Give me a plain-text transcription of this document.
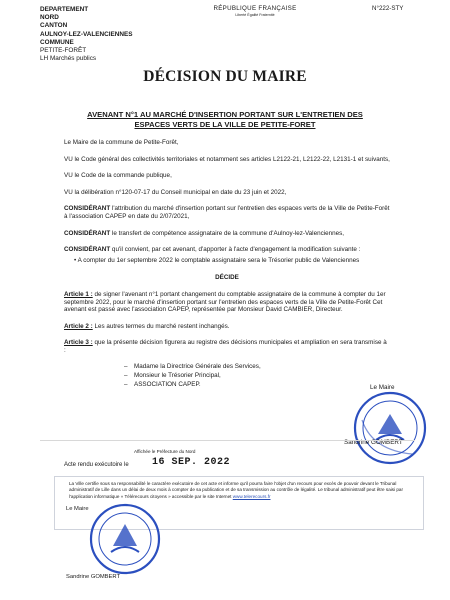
DEPARTEMENT
NORD
CANTON
AULNOY-LEZ-VALENCIENNES
COMMUNE
PETITE-FORÊT
LH Marchés publics
RÉPUBLIQUE FRANÇAISE
Liberté Égalité Fraternité
N°222-STY
DÉCISION DU MAIRE
AVENANT N°1 AU MARCHÉ D'INSERTION PORTANT SUR L'ENTRETIEN DES ESPACES VERTS DE LA VILLE DE PETITE-FORET

Le Maire de la commune de Petite-Forêt,

VU le Code général des collectivités territoriales et notamment ses articles L2122-21, L2122-22, L2131-1 et suivants,

VU le Code de la commande publique,

VU la délibération n°120-07-17 du Conseil municipal en date du 23 juin et 2022,

CONSIDÉRANT l'attribution du marché d'insertion portant sur l'entretien des espaces verts de la Ville de Petite-Forêt à l'association CAPEP en date du 2/07/2021,

CONSIDÉRANT le transfert de compétence assignataire de la commune d'Aulnoy-lez-Valenciennes,

CONSIDÉRANT qu'il convient, par cet avenant, d'apporter à l'acte d'engagement la modification suivante :

• A compter du 1er septembre 2022 le comptable assignataire sera le Trésorier public de Valenciennes

DÉCIDE

Article 1 : de signer l'avenant n°1 portant changement du comptable assignataire de la commune à compter du 1er septembre 2022, pour le marché d'insertion portant sur l'entretien des espaces verts de la Ville de Petite-Forêt Cet avenant est passé avec l'association CAPEP, représentée par Monsieur David CAMBIER, Directeur.

Article 2 : Les autres termes du marché restent inchangés.

Article 3 : que la présente décision figurera au registre des décisions municipales et ampliation en sera transmise à :

– Madame la Directrice Générale des Services,
– Monsieur le Trésorier Principal,
– ASSOCIATION CAPEP.	Le Maire
Sandrine GOMBERT
Affichée le Préfecture du Nord
Acte rendu exécutoire le 16 SEP. 2022
La Ville certifie sous sa responsabilité le caractère exécutoire de cet acte et informe qu'il pourra faire l'objet d'un recours pour excès de pouvoir devant le Tribunal administratif de Lille dans un délai de deux mois à compter de sa publication et de sa transmission au contrôle de légalité. Le tribunal administratif peut être saisi par l'application informatique « Télérecours citoyens » accessible par le site Internet www.telerecours.fr
Le Maire
Sandrine GOMBERT
